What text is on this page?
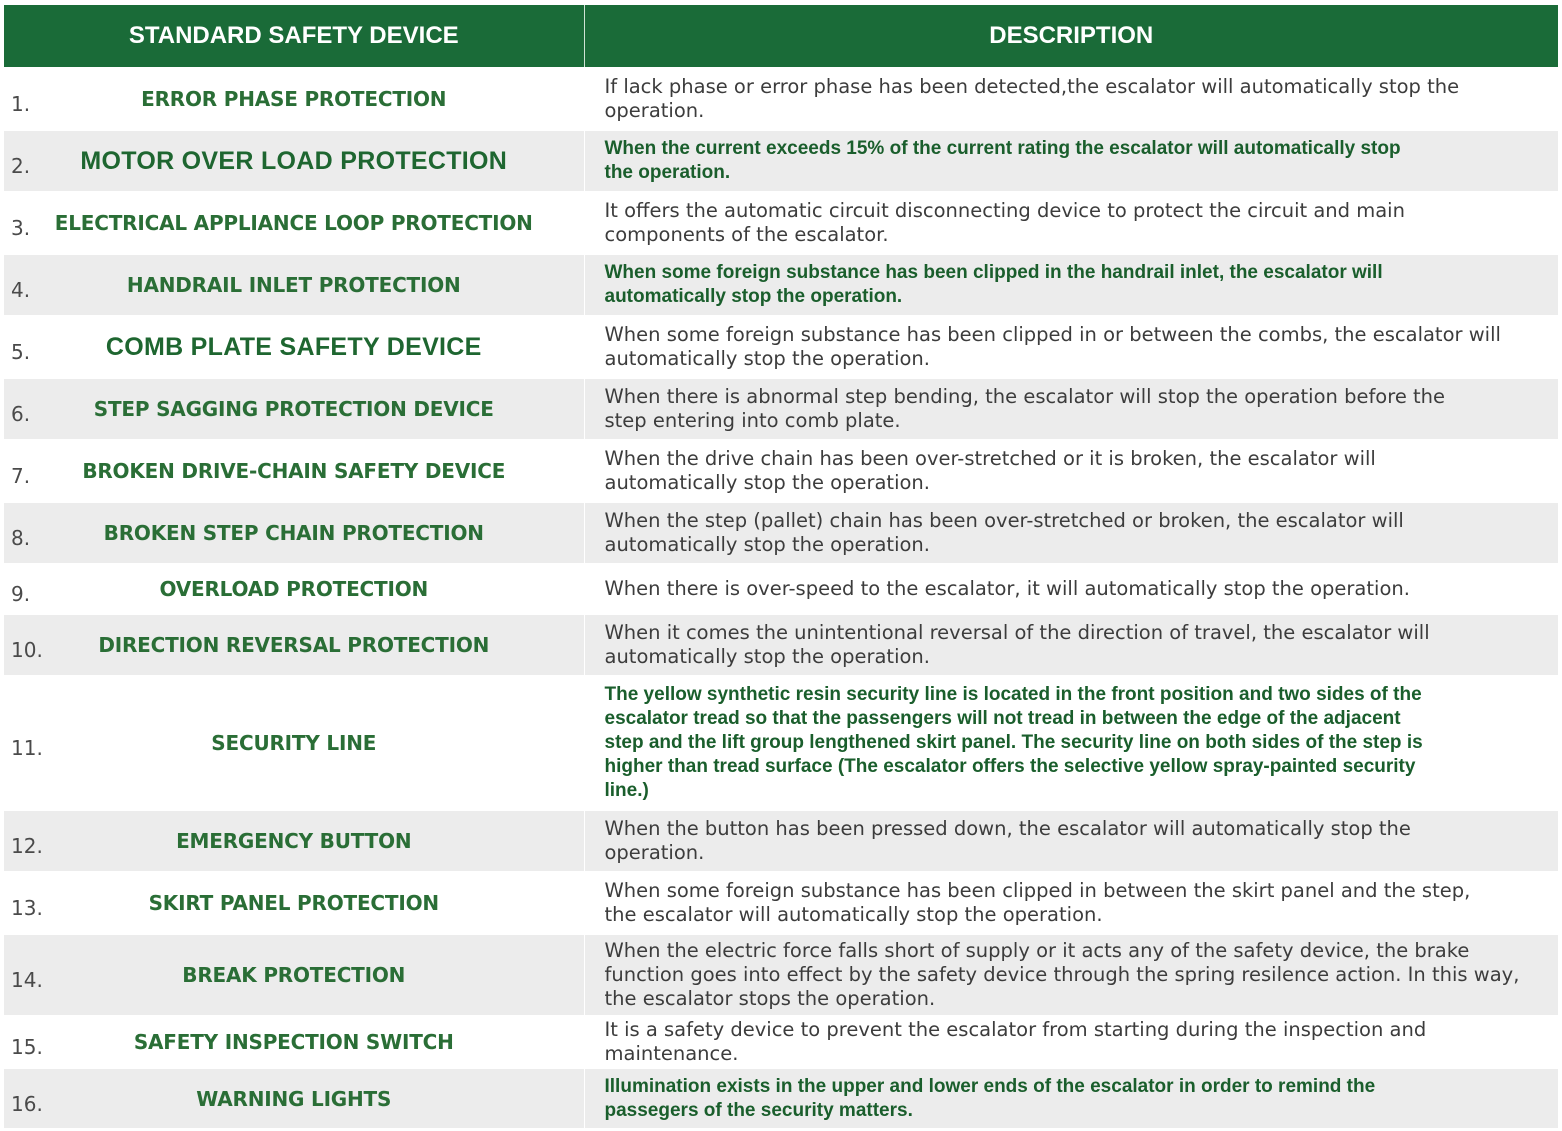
STANDARD SAFETY DEVICE	DESCRIPTION

1. ERROR PHASE PROTECTION	If lack phase or error phase has been detected,the escalator will automatically stop the operation.

2. MOTOR OVER LOAD PROTECTION	When the current exceeds 15% of the current rating the escalator will automatically stop the operation.

3. ELECTRICAL APPLIANCE LOOP PROTECTION	It offers the automatic circuit disconnecting device to protect the circuit and main components of the escalator.

4. HANDRAIL INLET PROTECTION	When some foreign substance has been clipped in the handrail inlet, the escalator will automatically stop the operation.

5. COMB PLATE SAFETY DEVICE	When some foreign substance has been clipped in or between the combs, the escalator will automatically stop the operation.

6. STEP SAGGING PROTECTION DEVICE	When there is abnormal step bending, the escalator will stop the operation before the step entering into comb plate.

7. BROKEN DRIVE-CHAIN SAFETY DEVICE	When the drive chain has been over-stretched or it is broken, the escalator will automatically stop the operation.

8. BROKEN STEP CHAIN PROTECTION	When the step (pallet) chain has been over-stretched or broken, the escalator will automatically stop the operation.

9. OVERLOAD PROTECTION	When there is over-speed to the escalator, it will automatically stop the operation.

10. DIRECTION REVERSAL PROTECTION	When it comes the unintentional reversal of the direction of travel, the escalator will automatically stop the operation.

11. SECURITY LINE	The yellow synthetic resin security line is located in the front position and two sides of the escalator tread so that the passengers will not tread in between the edge of the adjacent step and the lift group lengthened skirt panel. The security line on both sides of the step is higher than tread surface (The escalator offers the selective yellow spray-painted security line.)

12. EMERGENCY BUTTON	When the button has been pressed down, the escalator will automatically stop the operation.

13. SKIRT PANEL PROTECTION	When some foreign substance has been clipped in between the skirt panel and the step, the escalator will automatically stop the operation.

14. BREAK PROTECTION	When the electric force falls short of supply or it acts any of the safety device, the brake function goes into effect by the safety device through the spring resilence action. In this way, the escalator stops the operation.

15. SAFETY INSPECTION SWITCH	It is a safety device to prevent the escalator from starting during the inspection and maintenance.

16. WARNING LIGHTS	Illumination exists in the upper and lower ends of the escalator in order to remind the passegers of the security matters.
